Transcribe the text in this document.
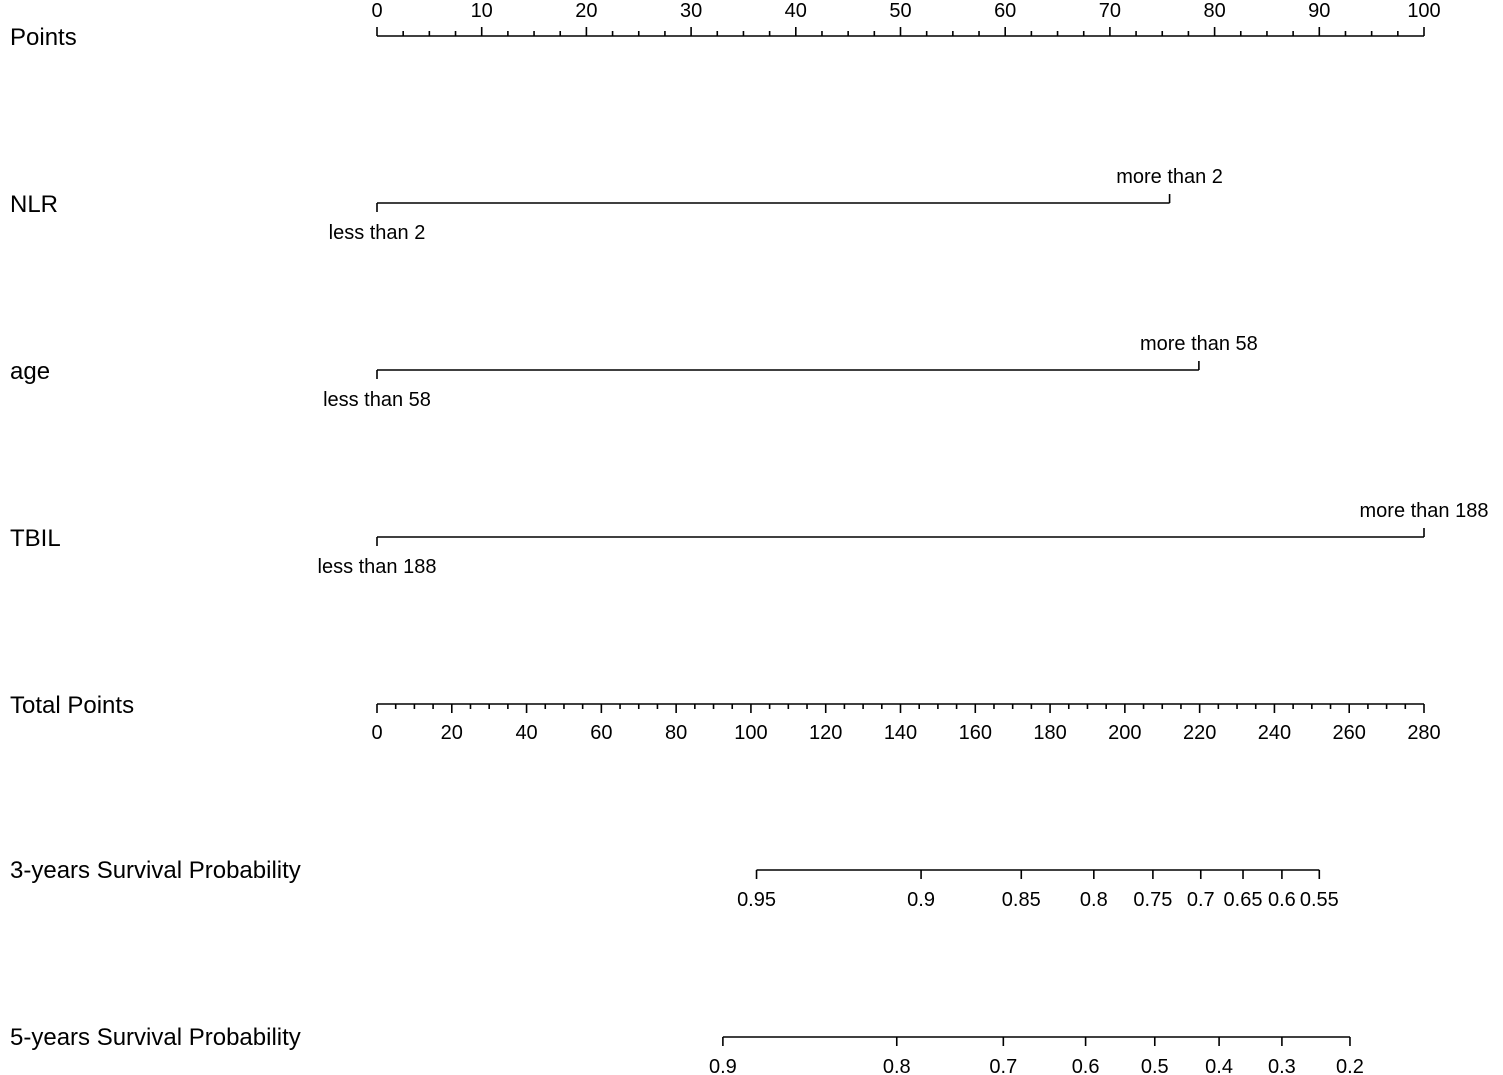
Points
0	10	20	30	40	50	60	70	80	90	100
NLR
less than 2
more than 2
age
less than 58
more than 58
TBIL
less than 188
more than 188
Total Points
0	20	40	60	80 100 120 140 160 180 200 220 240 260 280
3-years Survival Probability
0.95	0.9	0.85 0.8 0.75 0.7 0.65 0.6 0.55
5-years Survival Probability
0.9	0.8	0.7	0.6 0.5 0.4 0.3 0.2
